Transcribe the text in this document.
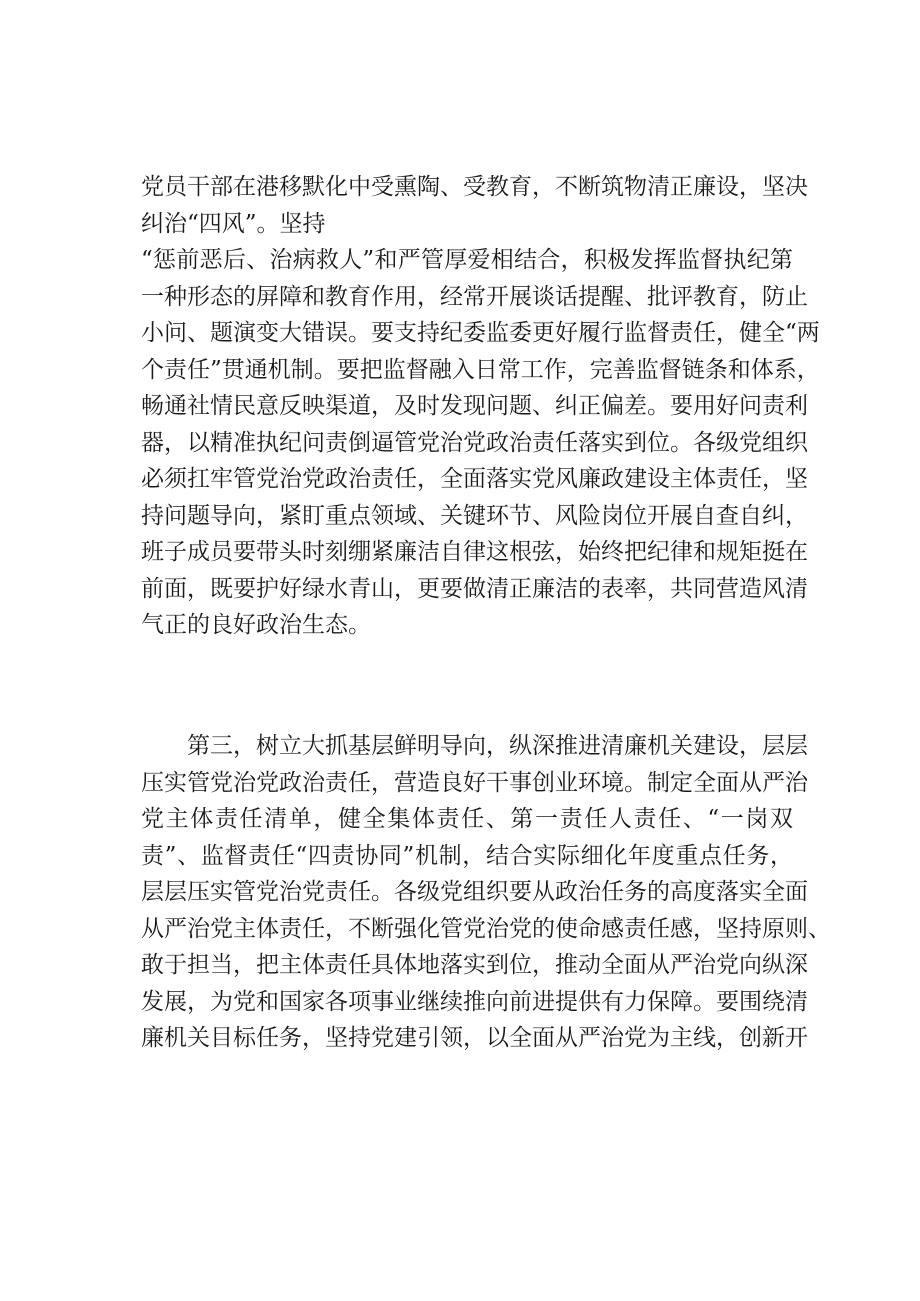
党员干部在港移默化中受熏陶、受教育，不断筑物清正廉设，坚决
纠治“四风”。坚持
“惩前恶后、治病救人”和严管厚爱相结合，积极发挥监督执纪第
一种形态的屏障和教育作用，经常开展谈话提醒、批评教育，防止
小问、题演变大错误。要支持纪委监委更好履行监督责任，健全“两
个责任”贯通机制。要把监督融入日常工作，完善监督链条和体系，
畅通社情民意反映渠道，及时发现问题、纠正偏差。要用好问责利
器，以精准执纪问责倒逼管党治党政治责任落实到位。各级党组织
必须扛牢管党治党政治责任，全面落实党风廉政建设主体责任，坚
持问题导向，紧盯重点领域、关键环节、风险岗位开展自查自纠，
班子成员要带头时刻绷紧廉洁自律这根弦，始终把纪律和规矩挺在
前面，既要护好绿水青山，更要做清正廉洁的表率，共同营造风清
气正的良好政治生态。
　　第三，树立大抓基层鲜明导向，纵深推进清廉机关建设，层层
压实管党治党政治责任，营造良好干事创业环境。制定全面从严治
党主体责任清单，健全集体责任、第一责任人责任、“一岗双
责”、监督责任“四责协同”机制，结合实际细化年度重点任务，
层层压实管党治党责任。各级党组织要从政治任务的高度落实全面
从严治党主体责任，不断强化管党治党的使命感责任感，坚持原则、
敢于担当，把主体责任具体地落实到位，推动全面从严治党向纵深
发展，为党和国家各项事业继续推向前进提供有力保障。要围绕清
廉机关目标任务，坚持党建引领，以全面从严治党为主线，创新开
